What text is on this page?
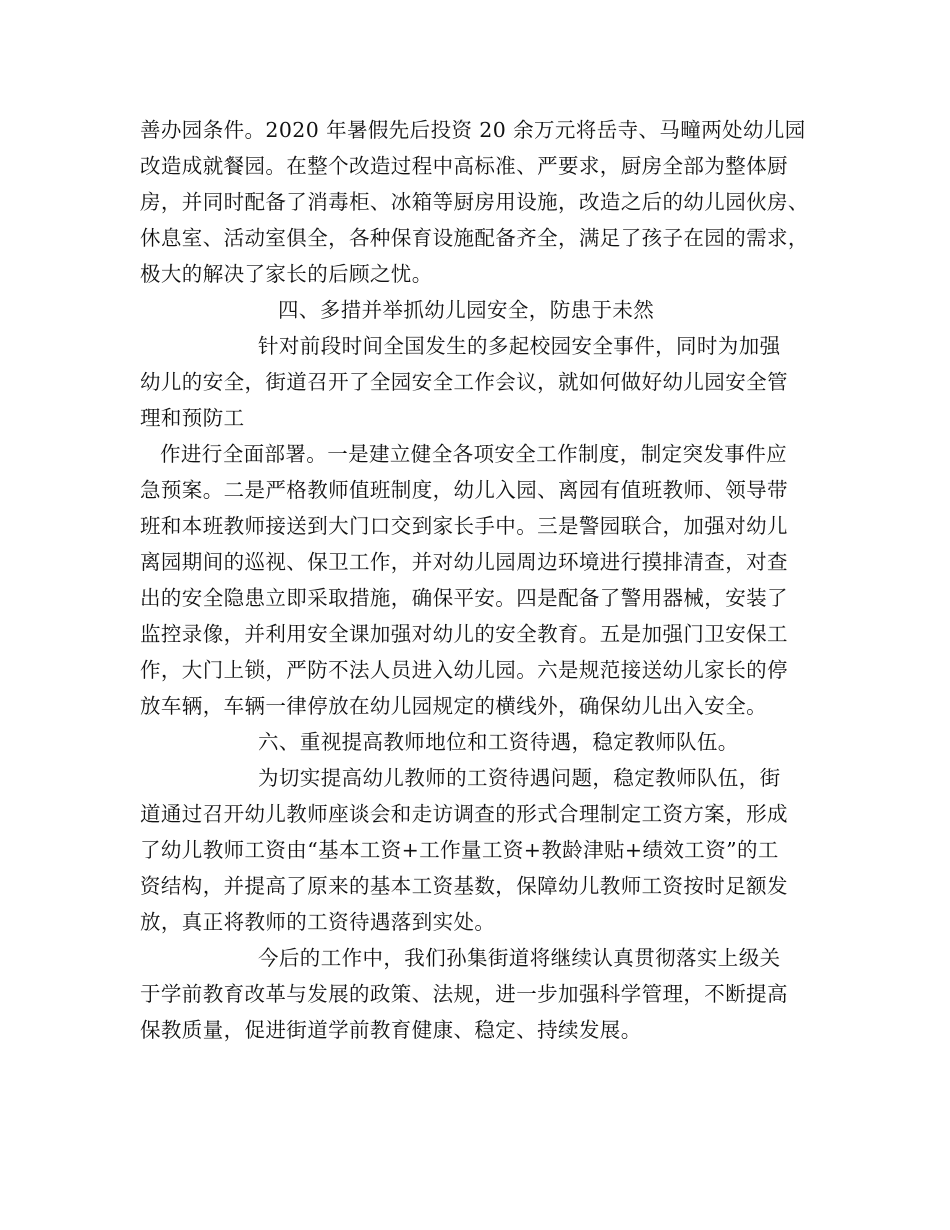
善办园条件。2020 年暑假先后投资 20 余万元将岳寺、马疃两处幼儿园
改造成就餐园。在整个改造过程中高标准、严要求，厨房全部为整体厨
房，并同时配备了消毒柜、冰箱等厨房用设施，改造之后的幼儿园伙房、
休息室、活动室俱全，各种保育设施配备齐全，满足了孩子在园的需求，
极大的解决了家长的后顾之忧。
四、多措并举抓幼儿园安全，防患于未然
针对前段时间全国发生的多起校园安全事件，同时为加强
幼儿的安全，街道召开了全园安全工作会议，就如何做好幼儿园安全管
理和预防工
作进行全面部署。一是建立健全各项安全工作制度，制定突发事件应
急预案。二是严格教师值班制度，幼儿入园、离园有值班教师、领导带
班和本班教师接送到大门口交到家长手中。三是警园联合，加强对幼儿
离园期间的巡视、保卫工作，并对幼儿园周边环境进行摸排清查，对查
出的安全隐患立即采取措施，确保平安。四是配备了警用器械，安装了
监控录像，并利用安全课加强对幼儿的安全教育。五是加强门卫安保工
作，大门上锁，严防不法人员进入幼儿园。六是规范接送幼儿家长的停
放车辆，车辆一律停放在幼儿园规定的横线外，确保幼儿出入安全。
六、重视提高教师地位和工资待遇，稳定教师队伍。
为切实提高幼儿教师的工资待遇问题，稳定教师队伍，街
道通过召开幼儿教师座谈会和走访调查的形式合理制定工资方案，形成
了幼儿教师工资由“基本工资+工作量工资+教龄津贴+绩效工资”的工
资结构，并提高了原来的基本工资基数，保障幼儿教师工资按时足额发
放，真正将教师的工资待遇落到实处。
今后的工作中，我们孙集街道将继续认真贯彻落实上级关
于学前教育改革与发展的政策、法规，进一步加强科学管理，不断提高
保教质量，促进街道学前教育健康、稳定、持续发展。
